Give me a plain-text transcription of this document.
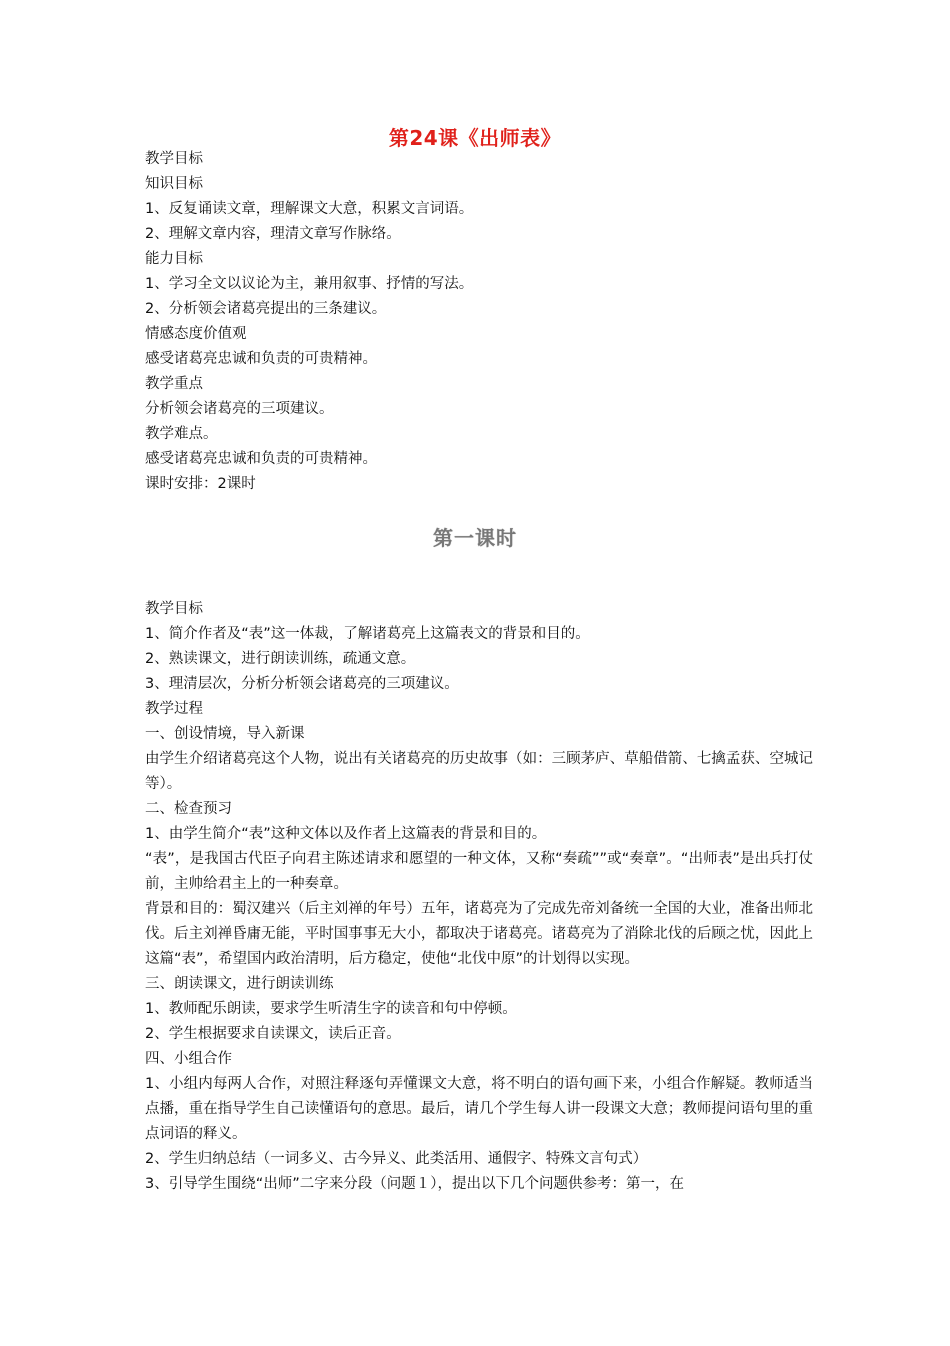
第24课《出师表》
教学目标
知识目标
1、反复诵读文章，理解课文大意，积累文言词语。
2、理解文章内容，理清文章写作脉络。
能力目标
1、学习全文以议论为主，兼用叙事、抒情的写法。
2、分析领会诸葛亮提出的三条建议。
情感态度价值观
感受诸葛亮忠诚和负责的可贵精神。
教学重点
分析领会诸葛亮的三项建议。
教学难点。
感受诸葛亮忠诚和负责的可贵精神。
课时安排：2课时
第一课时
教学目标
1、简介作者及“表”这一体裁，了解诸葛亮上这篇表文的背景和目的。
2、熟读课文，进行朗读训练，疏通文意。
3、理清层次，分析分析领会诸葛亮的三项建议。
教学过程
一、创设情境，导入新课
由学生介绍诸葛亮这个人物，说出有关诸葛亮的历史故事（如：三顾茅庐、草船借箭、七擒孟获、空城记等）。
二、检查预习
1、由学生简介“表”这种文体以及作者上这篇表的背景和目的。
“表”，是我国古代臣子向君主陈述请求和愿望的一种文体，又称“奏疏””或“奏章”。“出师表”是出兵打仗前，主帅给君主上的一种奏章。
背景和目的：蜀汉建兴（后主刘禅的年号）五年，诸葛亮为了完成先帝刘备统一全国的大业，准备出师北伐。后主刘禅昏庸无能，平时国事事无大小，都取决于诸葛亮。诸葛亮为了消除北伐的后顾之忧，因此上这篇“表”，希望国内政治清明，后方稳定，使他“北伐中原”的计划得以实现。
三、朗读课文，进行朗读训练
1、教师配乐朗读，要求学生听清生字的读音和句中停顿。
2、学生根据要求自读课文，读后正音。
四、小组合作
1、小组内每两人合作，对照注释逐句弄懂课文大意，将不明白的语句画下来，小组合作解疑。教师适当点播，重在指导学生自己读懂语句的意思。最后，请几个学生每人讲一段课文大意；教师提问语句里的重点词语的释义。
2、学生归纳总结（一词多义、古今异义、此类活用、通假字、特殊文言句式）
3、引导学生围绕“出师”二字来分段（问题１），提出以下几个问题供参考：第一，在
